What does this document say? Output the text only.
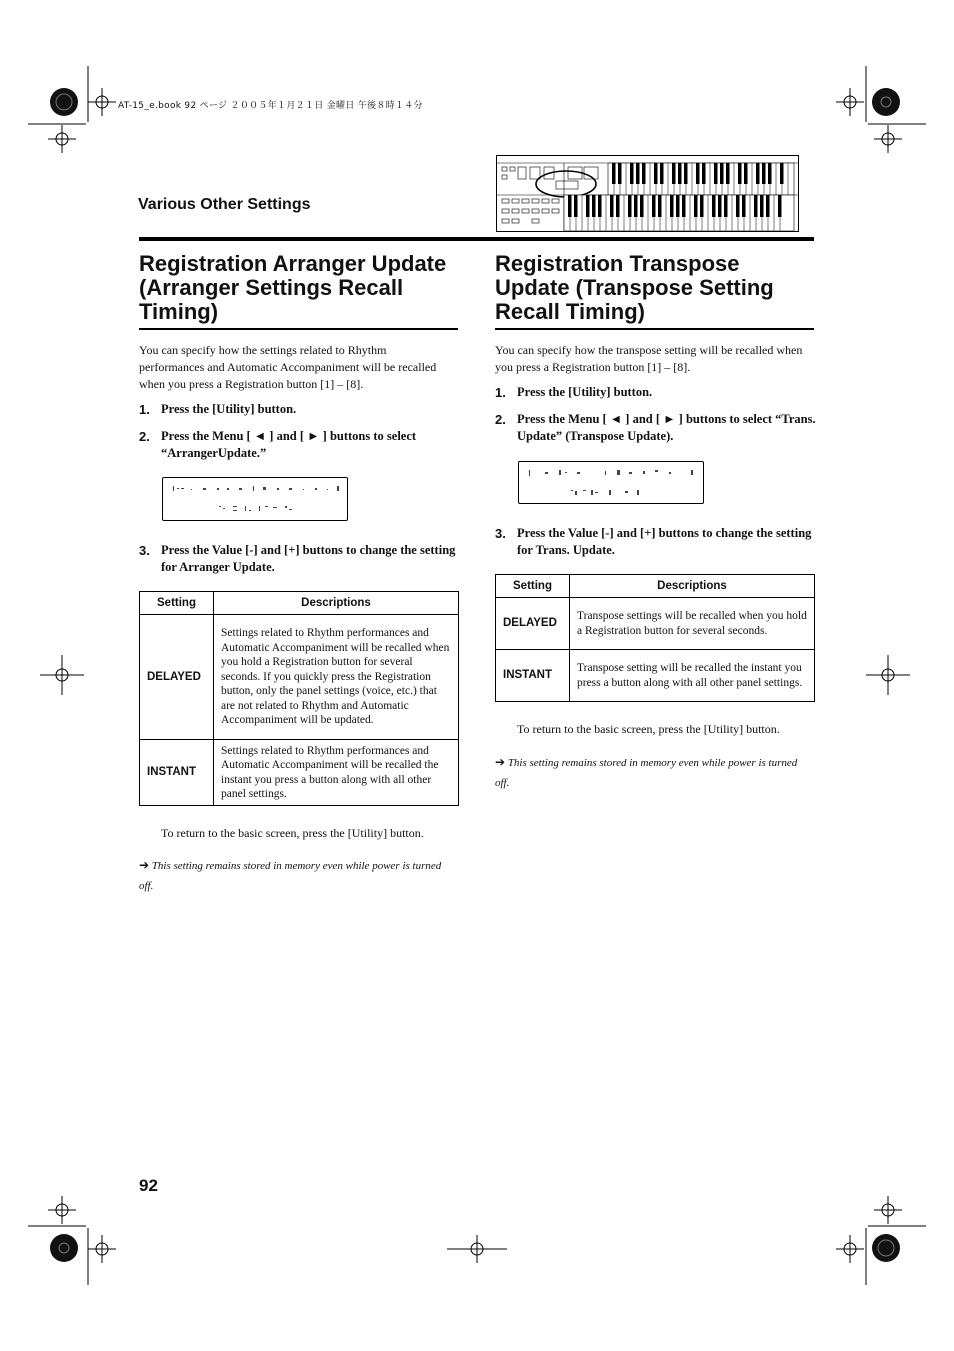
AT-15_e.book 92 ページ ２００５年１月２１日 金曜日 午後８時１４分
Various Other Settings
Registration Arranger Update (Arranger Settings Recall Timing)

You can specify how the settings related to Rhythm performances and Automatic Accompaniment will be recalled when you press a Registration button [1] – [8].

1. Press the [Utility] button.
2. Press the Menu [ ◄ ] and [ ► ] buttons to select “ArrangerUpdate.”
3. Press the Value [-] and [+] buttons to change the setting for Arranger Update.
Setting	Descriptions
DELAYED	Settings related to Rhythm performances and Automatic Accompaniment will be recalled when you hold a Registration button for several seconds. If you quickly press the Registration button, only the panel settings (voice, etc.) that are not related to Rhythm and Automatic Accompaniment will be updated.
INSTANT	Settings related to Rhythm performances and Automatic Accompaniment will be recalled the instant you press a button along with all other panel settings.

To return to the basic screen, press the [Utility] button.

➔ This setting remains stored in memory even while power is turned off.
Registration Transpose Update (Transpose Setting Recall Timing)

You can specify how the transpose setting will be recalled when you press a Registration button [1] – [8].

1. Press the [Utility] button.
2. Press the Menu [ ◄ ] and [ ► ] buttons to select “Trans. Update” (Transpose Update).
3. Press the Value [-] and [+] buttons to change the setting for Trans. Update.
Setting	Descriptions
DELAYED	Transpose settings will be recalled when you hold a Registration button for several seconds.
INSTANT	Transpose setting will be recalled the instant you press a button along with all other panel settings.

To return to the basic screen, press the [Utility] button.

➔ This setting remains stored in memory even while power is turned off.
92
